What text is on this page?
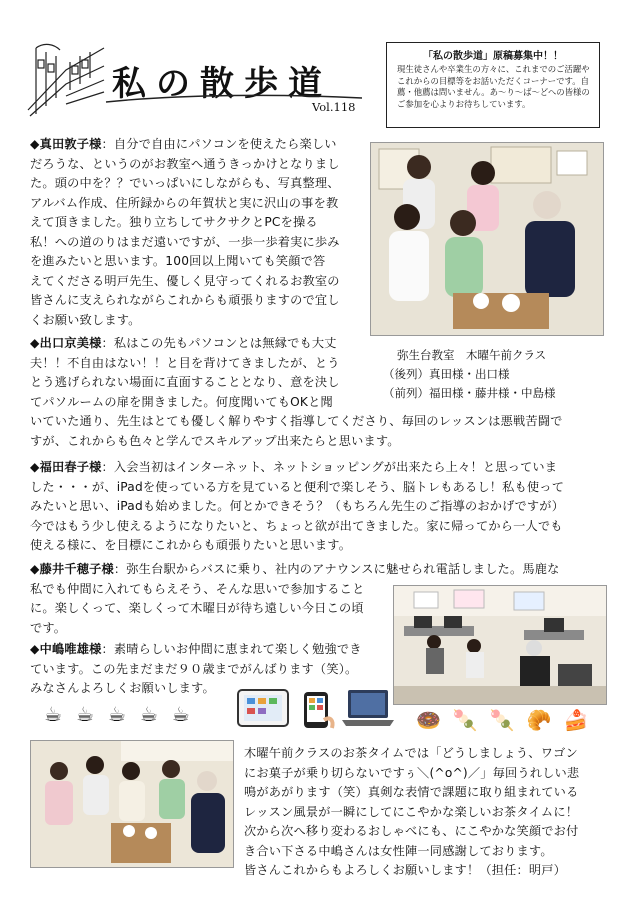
私の散歩道
Vol.118
「私の散歩道」原稿募集中！！
現生徒さんや卒業生の方々に、これまでのご活躍やこれからの目標等をお話いただくコーナーです。自薦・他薦は問いません。あ〜り〜ば〜どへの皆様のご参加を心よりお待ちしています。
◆真田敦子様：自分で自由にパソコンを使えたら楽しい
だろうな、というのがお教室へ通うきっかけとなりまし
た。頭の中を？？でいっぱいにしながらも、写真整理、
アルバム作成、住所録からの年賀状と実に沢山の事を教
えて頂きました。独り立ちしてサクサクとPCを操る
私！への道のりはまだ遠いですが、一歩一歩着実に歩み
を進みたいと思います。100回以上聞いても笑顔で答
えてくださる明戸先生、優しく見守ってくれるお教室の
皆さんに支えられながらこれからも頑張りますので宜し
くお願い致します。
弥生台教室　木曜午前クラス
（後列）真田様・出口様
（前列）福田様・藤井様・中島様
◆出口京美様：私はこの先もパソコンとは無縁でも大丈
夫！！不自由はない！！と目を背けてきましたが、とう
とう逃げられない場面に直面することとなり、意を決し
てパソルームの扉を開きました。何度聞いてもOKと聞
いていた通り、先生はとても優しく解りやすく指導してくださり、毎回のレッスンは悪戦苦闘で
すが、これからも色々と学んでスキルアップ出来たらと思います。
◆福田春子様：入会当初はインターネット、ネットショッピングが出来たら上々！と思っていま
した・・・が、iPadを使っている方を見ていると便利で楽しそう、脳トレもあるし！私も使って
みたいと思い、iPadも始めました。何とかできそう？（もちろん先生のご指導のおかげですが）
今ではもう少し使えるようになりたいと、ちょっと欲が出てきました。家に帰ってから一人でも
使える様に、を目標にこれからも頑張りたいと思います。
◆藤井千穂子様：弥生台駅からバスに乗り、社内のアナウンスに魅せられ電話しました。馬鹿な
私でも仲間に入れてもらえそう、そんな思いで参加すること
に。楽しくって、楽しくって木曜日が待ち遠しい今日この頃
です。
◆中嶋唯雄様：素晴らしいお仲間に恵まれて楽しく勉強でき
ています。この先まだまだ９０歳までがんばります（笑）。
みなさんよろしくお願いします。
☕ ☕ ☕ ☕ ☕	🍩 🍡 🍡 🥐 🍰
木曜午前クラスのお茶タイムでは「どうしましょう、ワゴン
にお菓子が乗り切らないですぅ＼(^o^)／」毎回うれしい悲
鳴があがります（笑）真剣な表情で課題に取り組まれている
レッスン風景が一瞬にしてにこやかな楽しいお茶タイムに！
次から次へ移り変わるおしゃべにも、にこやかな笑顔でお付
き合い下さる中嶋さんは女性陣一同感謝しております。
皆さんこれからもよろしくお願いします！（担任：明戸）
